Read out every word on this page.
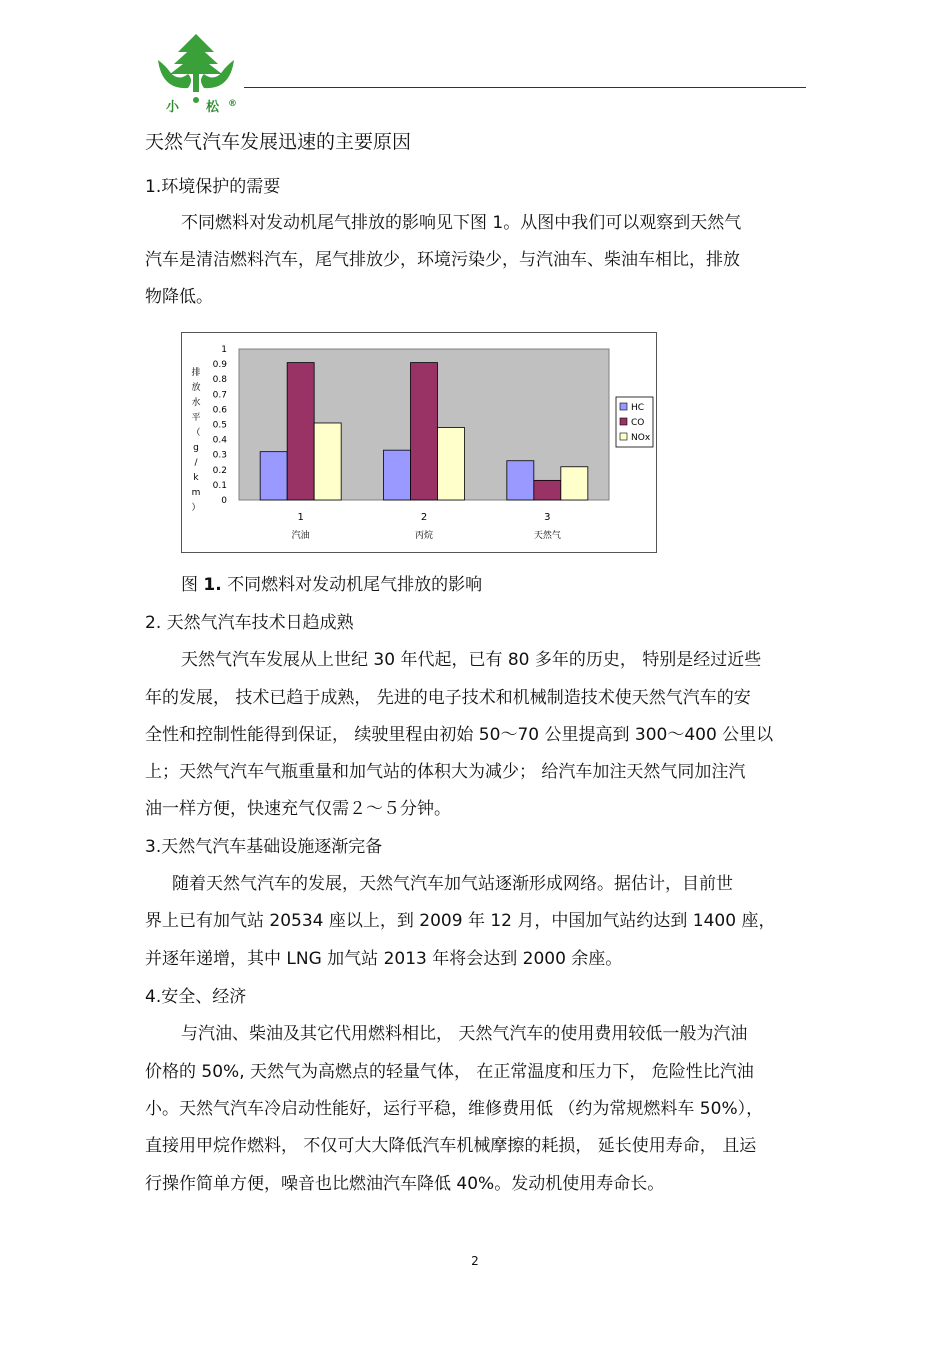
小 松 ®
天然气汽车发展迅速的主要原因
1.环境保护的需要
不同燃料对发动机尾气排放的影响见下图 1。从图中我们可以观察到天然气
汽车是清洁燃料汽车，尾气排放少，环境污染少，与汽油车、柴油车相比，排放
物降低。
0
0.1
0.2
0.3
0.4
0.5
0.6
0.7
0.8
0.9
1
排
放
水
平
（
g
/
k
m
）
1
汽油
2
丙烷
3
天然气
HC
CO
NOx
图 1. 不同燃料对发动机尾气排放的影响
2. 天然气汽车技术日趋成熟
天然气汽车发展从上世纪 30 年代起，已有 80 多年的历史， 特别是经过近些
年的发展， 技术已趋于成熟， 先进的电子技术和机械制造技术使天然气汽车的安
全性和控制性能得到保证， 续驶里程由初始 50～70 公里提高到 300～400 公里以
上；天然气汽车气瓶重量和加气站的体积大为减少； 给汽车加注天然气同加注汽
油一样方便，快速充气仅需２～５分钟。
3.天然气汽车基础设施逐渐完备
随着天然气汽车的发展，天然气汽车加气站逐渐形成网络。据估计，目前世
界上已有加气站 20534 座以上，到 2009 年 12 月，中国加气站约达到 1400 座，
并逐年递增，其中 LNG 加气站 2013 年将会达到 2000 余座。
4.安全、经济
与汽油、柴油及其它代用燃料相比， 天然气汽车的使用费用较低一般为汽油
价格的 50%, 天然气为高燃点的轻量气体， 在正常温度和压力下， 危险性比汽油
小。天然气汽车冷启动性能好，运行平稳，维修费用低 （约为常规燃料车 50%），
直接用甲烷作燃料， 不仅可大大降低汽车机械摩擦的耗损， 延长使用寿命， 且运
行操作简单方便，噪音也比燃油汽车降低 40%。发动机使用寿命长。
2
